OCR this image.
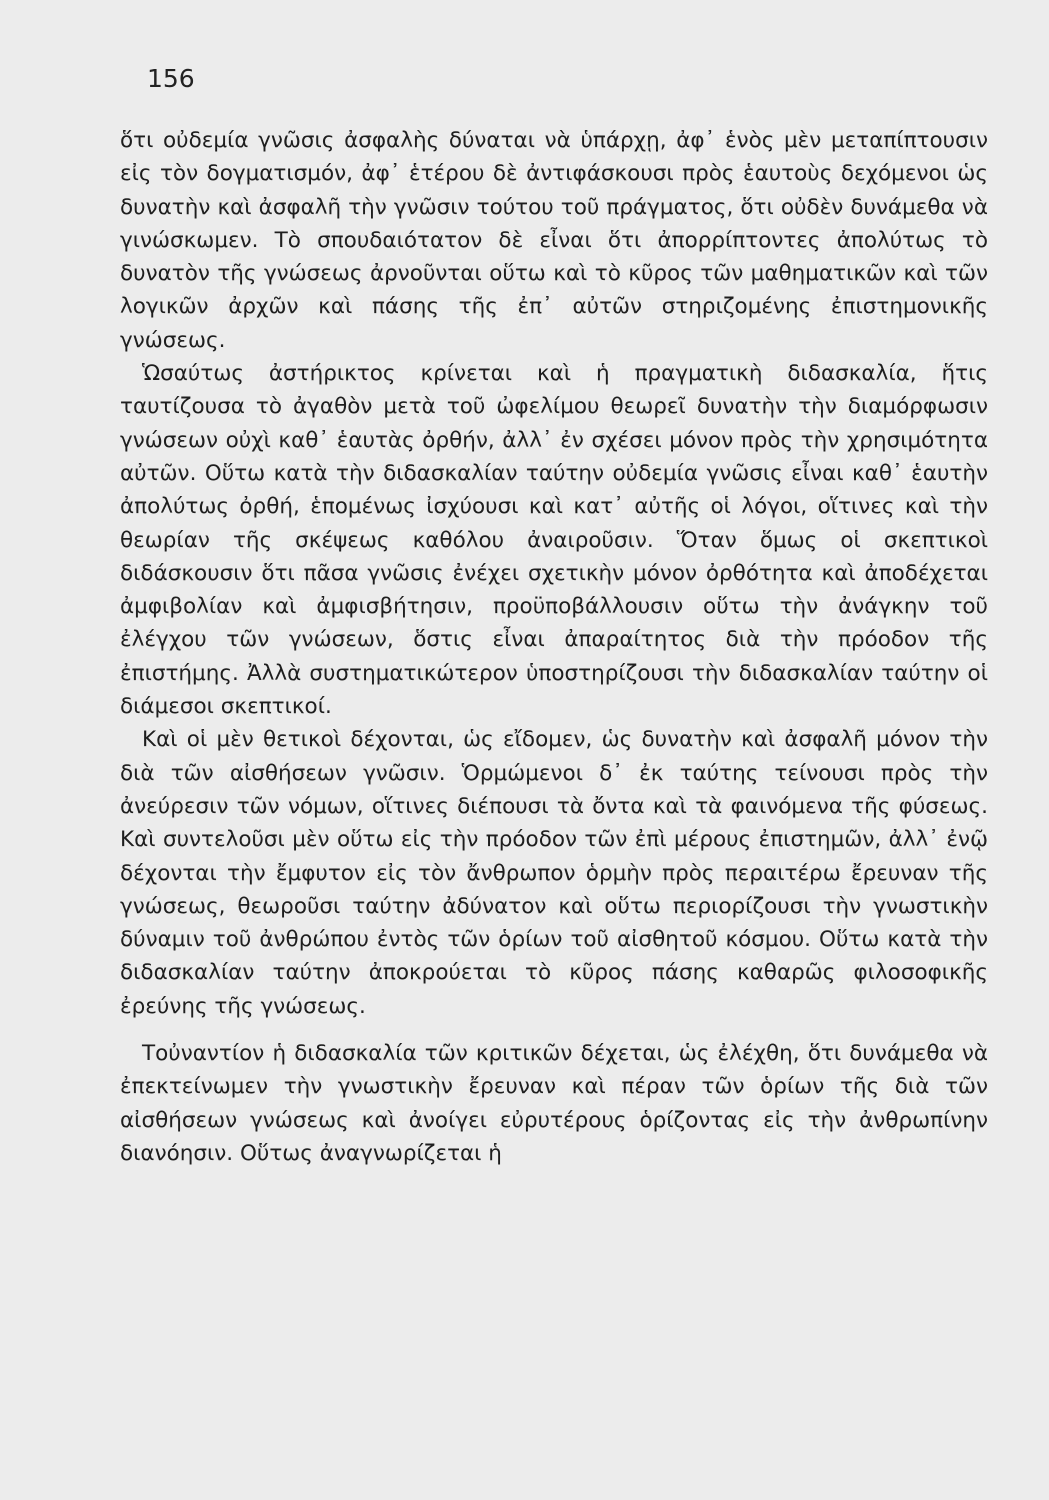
156

ὅτι οὐδεμία γνῶσις ἀσφαλὴς δύναται νὰ ὑπάρχῃ, ἀφ᾽ ἑνὸς μὲν μεταπίπτουσιν εἰς τὸν δογματισμόν, ἀφ᾽ ἑτέρου δὲ ἀντιφάσκουσι πρὸς ἑαυτοὺς δεχόμενοι ὡς δυνατὴν καὶ ἀσφαλῆ τὴν γνῶσιν τούτου τοῦ πράγματος, ὅτι οὐδὲν δυνάμεθα νὰ γινώσκωμεν. Τὸ σπουδαιότατον δὲ εἶναι ὅτι ἀπορρίπτοντες ἀπολύτως τὸ δυνατὸν τῆς γνώσεως ἀρνοῦνται οὕτω καὶ τὸ κῦρος τῶν μαθηματικῶν καὶ τῶν λογικῶν ἀρχῶν καὶ πάσης τῆς ἐπ᾽ αὐτῶν στηριζομένης ἐπιστημονικῆς γνώσεως.

Ὡσαύτως ἀστήρικτος κρίνεται καὶ ἡ πραγματικὴ διδασκαλία, ἥτις ταυτίζουσα τὸ ἀγαθὸν μετὰ τοῦ ὠφελίμου θεωρεῖ δυνατὴν τὴν διαμόρφωσιν γνώσεων οὐχὶ καθ᾽ ἑαυτὰς ὀρθήν, ἀλλ᾽ ἐν σχέσει μόνον πρὸς τὴν χρησιμότητα αὐτῶν. Οὕτω κατὰ τὴν διδασκαλίαν ταύτην οὐδεμία γνῶσις εἶναι καθ᾽ ἑαυτὴν ἀπολύτως ὀρθή, ἑπομένως ἰσχύουσι καὶ κατ᾽ αὐτῆς οἱ λόγοι, οἵτινες καὶ τὴν θεωρίαν τῆς σκέψεως καθόλου ἀναιροῦσιν. Ὅταν ὅμως οἱ σκεπτικοὶ διδάσκουσιν ὅτι πᾶσα γνῶσις ἐνέχει σχετικὴν μόνον ὀρθότητα καὶ ἀποδέχεται ἀμφιβολίαν καὶ ἀμφισβήτησιν, προϋποβάλλουσιν οὕτω τὴν ἀνάγκην τοῦ ἐλέγχου τῶν γνώσεων, ὅστις εἶναι ἀπαραίτητος διὰ τὴν πρόοδον τῆς ἐπιστήμης. Ἀλλὰ συστηματικώτερον ὑποστηρίζουσι τὴν διδασκαλίαν ταύτην οἱ διάμεσοι σκεπτικοί.

Καὶ οἱ μὲν θετικοὶ δέχονται, ὡς εἴδομεν, ὡς δυνατὴν καὶ ἀσφαλῆ μόνον τὴν διὰ τῶν αἰσθήσεων γνῶσιν. Ὁρμώμενοι δ᾽ ἐκ ταύτης τείνουσι πρὸς τὴν ἀνεύρεσιν τῶν νόμων, οἵτινες διέπουσι τὰ ὄντα καὶ τὰ φαινόμενα τῆς φύσεως. Καὶ συντελοῦσι μὲν οὕτω εἰς τὴν πρόοδον τῶν ἐπὶ μέρους ἐπιστημῶν, ἀλλ᾽ ἐνῷ δέχονται τὴν ἔμφυτον εἰς τὸν ἄνθρωπον ὁρμὴν πρὸς περαιτέρω ἔρευναν τῆς γνώσεως, θεωροῦσι ταύτην ἀδύνατον καὶ οὕτω περιορίζουσι τὴν γνωστικὴν δύναμιν τοῦ ἀνθρώπου ἐντὸς τῶν ὁρίων τοῦ αἰσθητοῦ κόσμου. Οὕτω κατὰ τὴν διδασκαλίαν ταύτην ἀποκρούεται τὸ κῦρος πάσης καθαρῶς φιλοσοφικῆς ἐρεύνης τῆς γνώσεως.

Τοὐναντίον ἡ διδασκαλία τῶν κριτικῶν δέχεται, ὡς ἐλέχθη, ὅτι δυνάμεθα νὰ ἐπεκτείνωμεν τὴν γνωστικὴν ἔρευναν καὶ πέραν τῶν ὁρίων τῆς διὰ τῶν αἰσθήσεων γνώσεως καὶ ἀνοίγει εὐρυτέρους ὁρίζοντας εἰς τὴν ἀνθρωπίνην διανόησιν. Οὕτως ἀναγνωρίζεται ἡ
